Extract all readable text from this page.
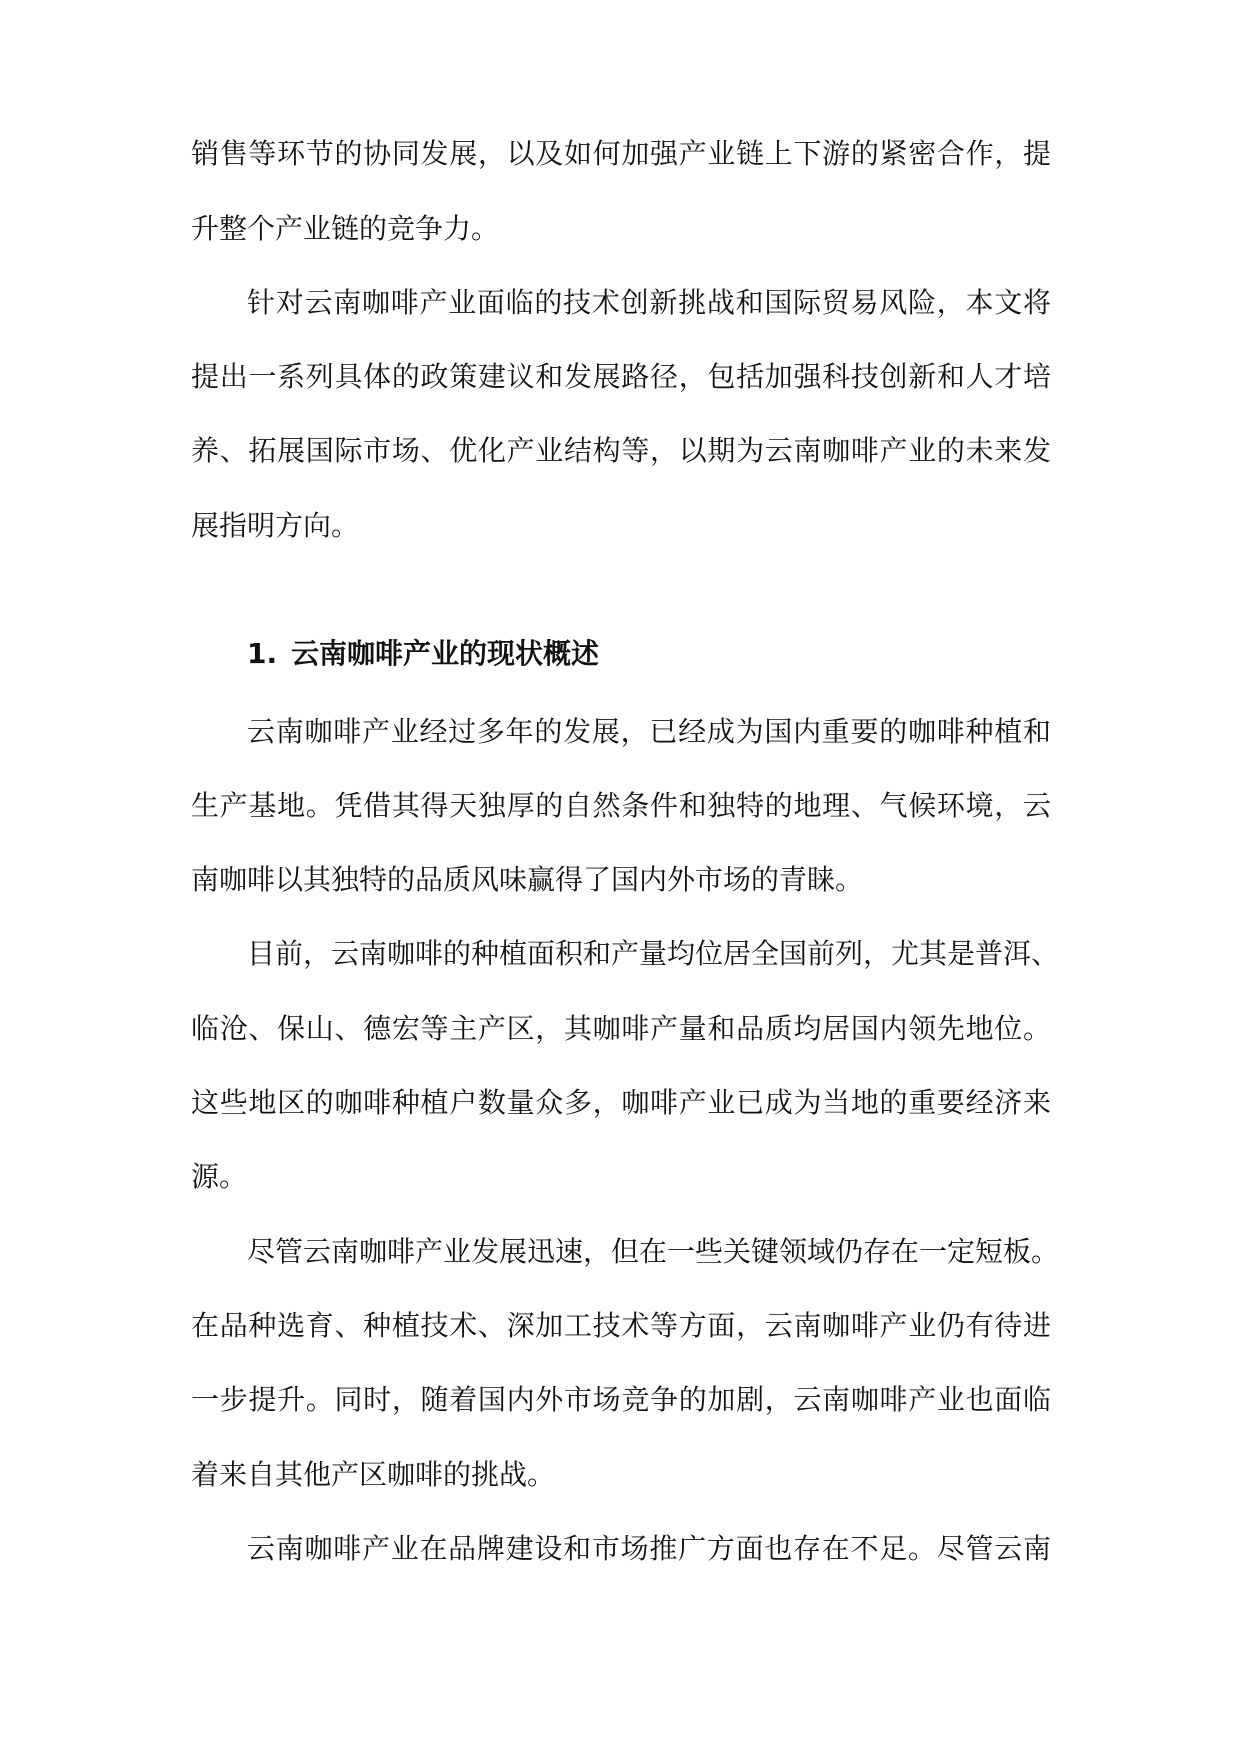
销售等环节的协同发展，以及如何加强产业链上下游的紧密合作，提
升整个产业链的竞争力。
针对云南咖啡产业面临的技术创新挑战和国际贸易风险，本文将
提出一系列具体的政策建议和发展路径，包括加强科技创新和人才培
养、拓展国际市场、优化产业结构等，以期为云南咖啡产业的未来发
展指明方向。
1. 云南咖啡产业的现状概述
云南咖啡产业经过多年的发展，已经成为国内重要的咖啡种植和
生产基地。凭借其得天独厚的自然条件和独特的地理、气候环境，云
南咖啡以其独特的品质风味赢得了国内外市场的青睐。
目前，云南咖啡的种植面积和产量均位居全国前列，尤其是普洱、
临沧、保山、德宏等主产区，其咖啡产量和品质均居国内领先地位。
这些地区的咖啡种植户数量众多，咖啡产业已成为当地的重要经济来
源。
尽管云南咖啡产业发展迅速，但在一些关键领域仍存在一定短板。
在品种选育、种植技术、深加工技术等方面，云南咖啡产业仍有待进
一步提升。同时，随着国内外市场竞争的加剧，云南咖啡产业也面临
着来自其他产区咖啡的挑战。
云南咖啡产业在品牌建设和市场推广方面也存在不足。尽管云南
